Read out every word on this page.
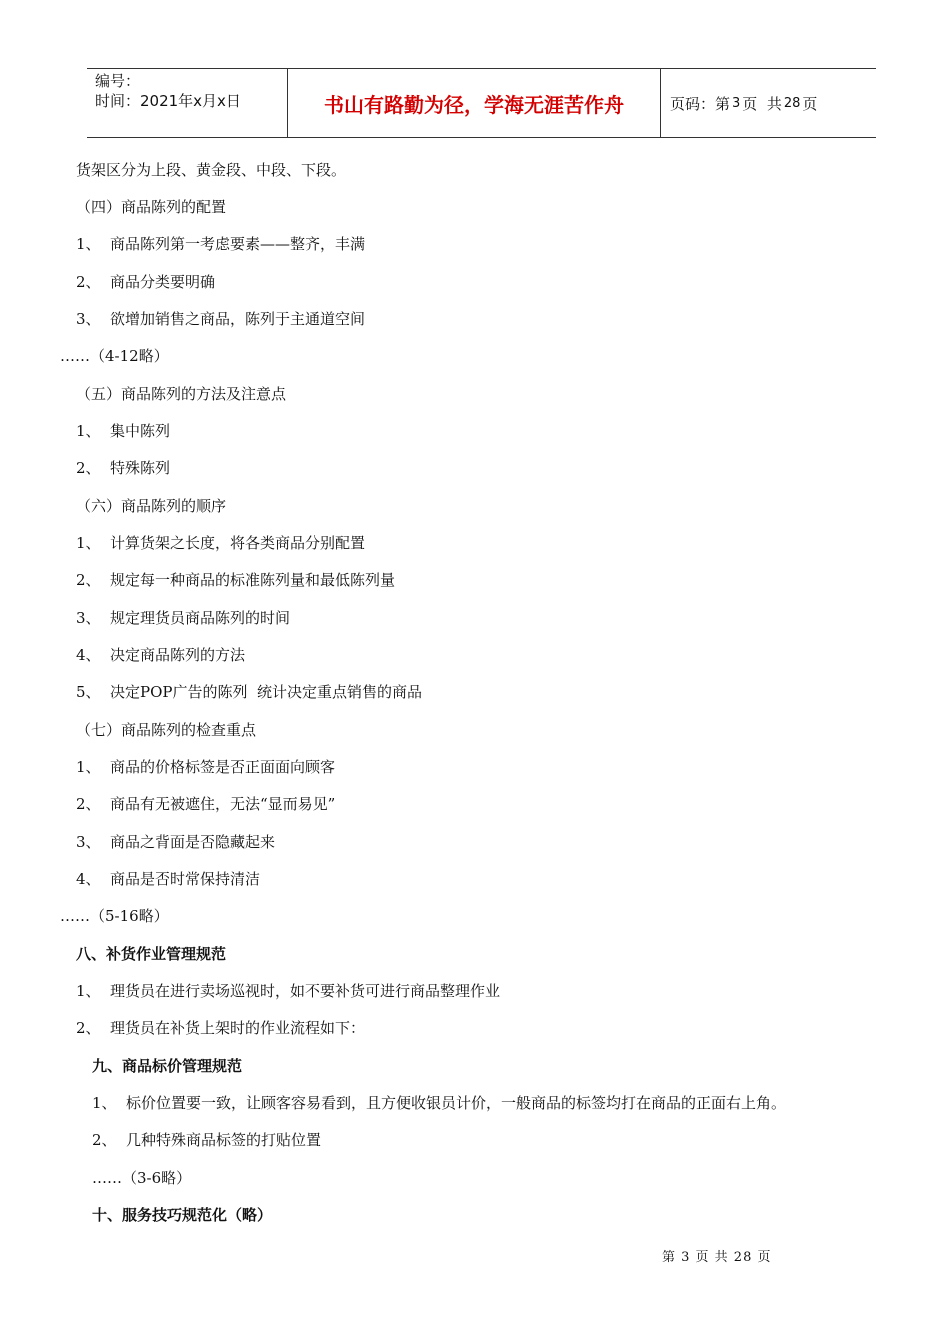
编号：
时间：2021年x月x日	书山有路勤为径，学海无涯苦作舟	页码：第 3 页  共 28 页
货架区分为上段、黄金段、中段、下段。
（四）商品陈列的配置
1、 商品陈列第一考虑要素——整齐，丰满
2、 商品分类要明确
3、 欲增加销售之商品，陈列于主通道空间
……（4-12略）
（五）商品陈列的方法及注意点
1、 集中陈列
2、 特殊陈列
（六）商品陈列的顺序
1、 计算货架之长度，将各类商品分别配置
2、 规定每一种商品的标准陈列量和最低陈列量
3、 规定理货员商品陈列的时间
4、 决定商品陈列的方法
5、 决定POP广告的陈列  统计决定重点销售的商品
（七）商品陈列的检查重点
1、 商品的价格标签是否正面面向顾客
2、 商品有无被遮住，无法“显而易见”
3、 商品之背面是否隐藏起来
4、 商品是否时常保持清洁
……（5-16略）
八、补货作业管理规范
1、 理货员在进行卖场巡视时，如不要补货可进行商品整理作业
2、 理货员在补货上架时的作业流程如下：
九、商品标价管理规范
1、 标价位置要一致，让顾客容易看到，且方便收银员计价，一般商品的标签均打在商品的正面右上角。
2、 几种特殊商品标签的打贴位置
……（3-6略）
十、服务技巧规范化（略）
第 3 页 共 28 页
